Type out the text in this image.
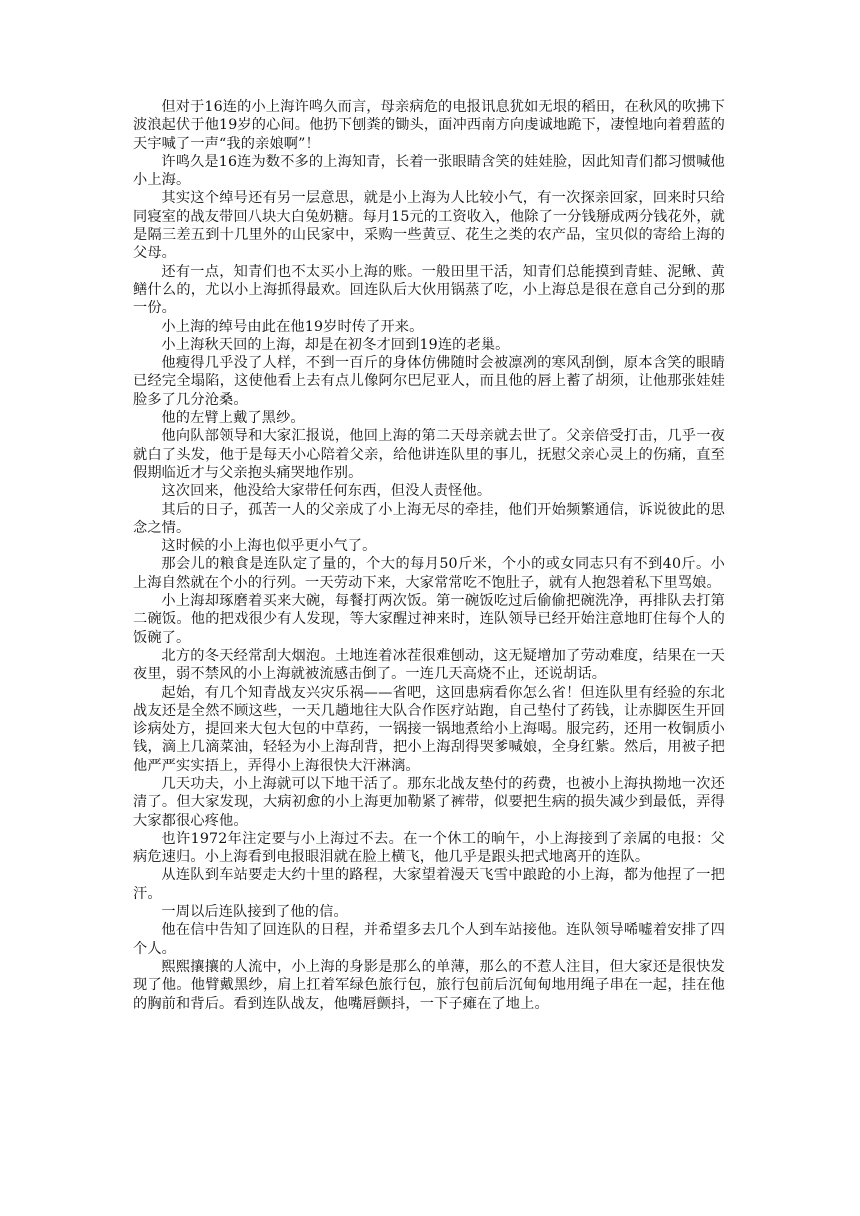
但对于16连的小上海许鸣久而言，母亲病危的电报讯息犹如无垠的稻田，在秋风的吹拂下波浪起伏于他19岁的心间。他扔下刨粪的锄头，面冲西南方向虔诚地跪下，凄惶地向着碧蓝的天宇喊了一声“我的亲娘啊”！

许鸣久是16连为数不多的上海知青，长着一张眼睛含笑的娃娃脸，因此知青们都习惯喊他小上海。

其实这个绰号还有另一层意思，就是小上海为人比较小气，有一次探亲回家，回来时只给同寝室的战友带回八块大白兔奶糖。每月15元的工资收入，他除了一分钱掰成两分钱花外，就是隔三差五到十几里外的山民家中，采购一些黄豆、花生之类的农产品，宝贝似的寄给上海的父母。

还有一点，知青们也不太买小上海的账。一般田里干活，知青们总能摸到青蛙、泥鳅、黄鳝什么的，尤以小上海抓得最欢。回连队后大伙用锅蒸了吃，小上海总是很在意自己分到的那一份。

小上海的绰号由此在他19岁时传了开来。

小上海秋天回的上海，却是在初冬才回到19连的老巢。

他瘦得几乎没了人样，不到一百斤的身体仿佛随时会被凛冽的寒风刮倒，原本含笑的眼睛已经完全塌陷，这使他看上去有点儿像阿尔巴尼亚人，而且他的唇上蓄了胡须，让他那张娃娃脸多了几分沧桑。

他的左臂上戴了黑纱。

他向队部领导和大家汇报说，他回上海的第二天母亲就去世了。父亲倍受打击，几乎一夜就白了头发，他于是每天小心陪着父亲，给他讲连队里的事儿，抚慰父亲心灵上的伤痛，直至假期临近才与父亲抱头痛哭地作别。

这次回来，他没给大家带任何东西，但没人责怪他。

其后的日子，孤苦一人的父亲成了小上海无尽的牵挂，他们开始频繁通信，诉说彼此的思念之情。

这时候的小上海也似乎更小气了。

那会儿的粮食是连队定了量的，个大的每月50斤米，个小的或女同志只有不到40斤。小上海自然就在个小的行列。一天劳动下来，大家常常吃不饱肚子，就有人抱怨着私下里骂娘。

小上海却琢磨着买来大碗，每餐打两次饭。第一碗饭吃过后偷偷把碗洗净，再排队去打第二碗饭。他的把戏很少有人发现，等大家醒过神来时，连队领导已经开始注意地盯住每个人的饭碗了。

北方的冬天经常刮大烟泡。土地连着冰茬很难刨动，这无疑增加了劳动难度，结果在一天夜里，弱不禁风的小上海就被流感击倒了。一连几天高烧不止，还说胡话。

起始，有几个知青战友兴灾乐祸——省吧，这回患病看你怎么省！但连队里有经验的东北战友还是全然不顾这些，一天几趟地往大队合作医疗站跑，自己垫付了药钱，让赤脚医生开回诊病处方，提回来大包大包的中草药，一锅接一锅地煮给小上海喝。服完药，还用一枚铜质小钱，滴上几滴菜油，轻轻为小上海刮背，把小上海刮得哭爹喊娘，全身红紫。然后，用被子把他严严实实捂上，弄得小上海很快大汗淋漓。

几天功夫，小上海就可以下地干活了。那东北战友垫付的药费，也被小上海执拗地一次还清了。但大家发现，大病初愈的小上海更加勒紧了裤带，似要把生病的损失减少到最低，弄得大家都很心疼他。

也许1972年注定要与小上海过不去。在一个休工的晌午，小上海接到了亲属的电报：父病危速归。小上海看到电报眼泪就在脸上横飞，他几乎是跟头把式地离开的连队。

从连队到车站要走大约十里的路程，大家望着漫天飞雪中踉跄的小上海，都为他捏了一把汗。

一周以后连队接到了他的信。

他在信中告知了回连队的日程，并希望多去几个人到车站接他。连队领导唏嘘着安排了四个人。

熙熙攘攘的人流中，小上海的身影是那么的单薄，那么的不惹人注目，但大家还是很快发现了他。他臂戴黑纱，肩上扛着军绿色旅行包，旅行包前后沉甸甸地用绳子串在一起，挂在他的胸前和背后。看到连队战友，他嘴唇颤抖，一下子瘫在了地上。
